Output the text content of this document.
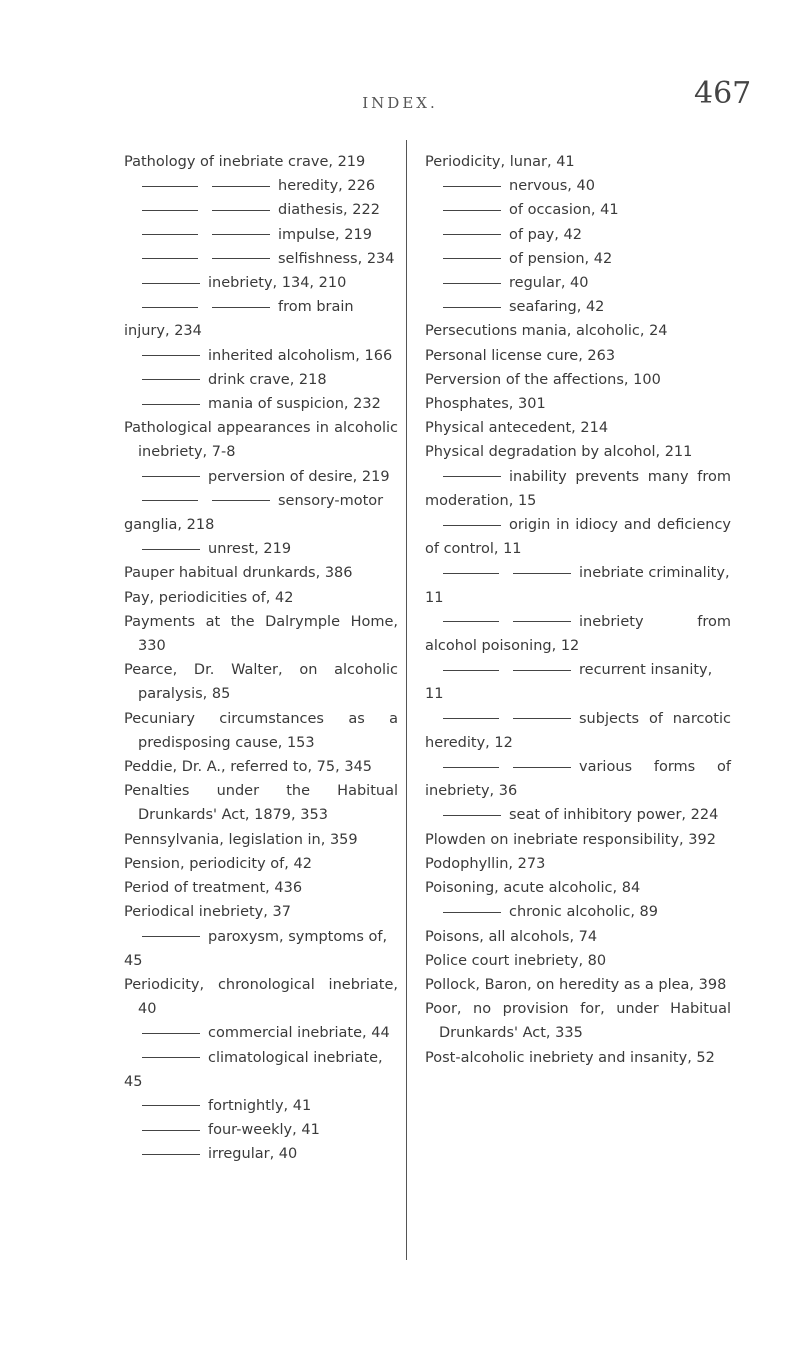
INDEX.	467
Pathology of inebriate crave, 219
heredity, 226
diathesis, 222
impulse, 219
selfishness, 234
inebriety, 134, 210
from brain injury, 234
inherited alcoholism, 166
drink crave, 218
mania of suspicion, 232
Pathological appearances in alcoholic inebriety, 7-8
perversion of desire, 219
sensory-motor ganglia, 218
unrest, 219
Pauper habitual drunkards, 386
Pay, periodicities of, 42
Payments at the Dalrymple Home, 330
Pearce, Dr. Walter, on alcoholic paralysis, 85
Pecuniary circumstances as a predisposing cause, 153
Peddie, Dr. A., referred to, 75, 345
Penalties under the Habitual Drunkards' Act, 1879, 353
Pennsylvania, legislation in, 359
Pension, periodicity of, 42
Period of treatment, 436
Periodical inebriety, 37
paroxysm, symptoms of, 45
Periodicity, chronological inebriate, 40
commercial inebriate, 44
climatological inebriate, 45
fortnightly, 41
four-weekly, 41
irregular, 40
Periodicity, lunar, 41
nervous, 40
of occasion, 41
of pay, 42
of pension, 42
regular, 40
seafaring, 42
Persecutions mania, alcoholic, 24
Personal license cure, 263
Perversion of the affections, 100
Phosphates, 301
Physical antecedent, 214
Physical degradation by alcohol, 211
inability prevents many from moderation, 15
origin in idiocy and deficiency of control, 11
inebriate criminality, 11
inebriety from alcohol poisoning, 12
recurrent insanity, 11
subjects of narcotic heredity, 12
various forms of inebriety, 36
seat of inhibitory power, 224
Plowden on inebriate responsibility, 392
Podophyllin, 273
Poisoning, acute alcoholic, 84
chronic alcoholic, 89
Poisons, all alcohols, 74
Police court inebriety, 80
Pollock, Baron, on heredity as a plea, 398
Poor, no provision for, under Habitual Drunkards' Act, 335
Post-alcoholic inebriety and insanity, 52
